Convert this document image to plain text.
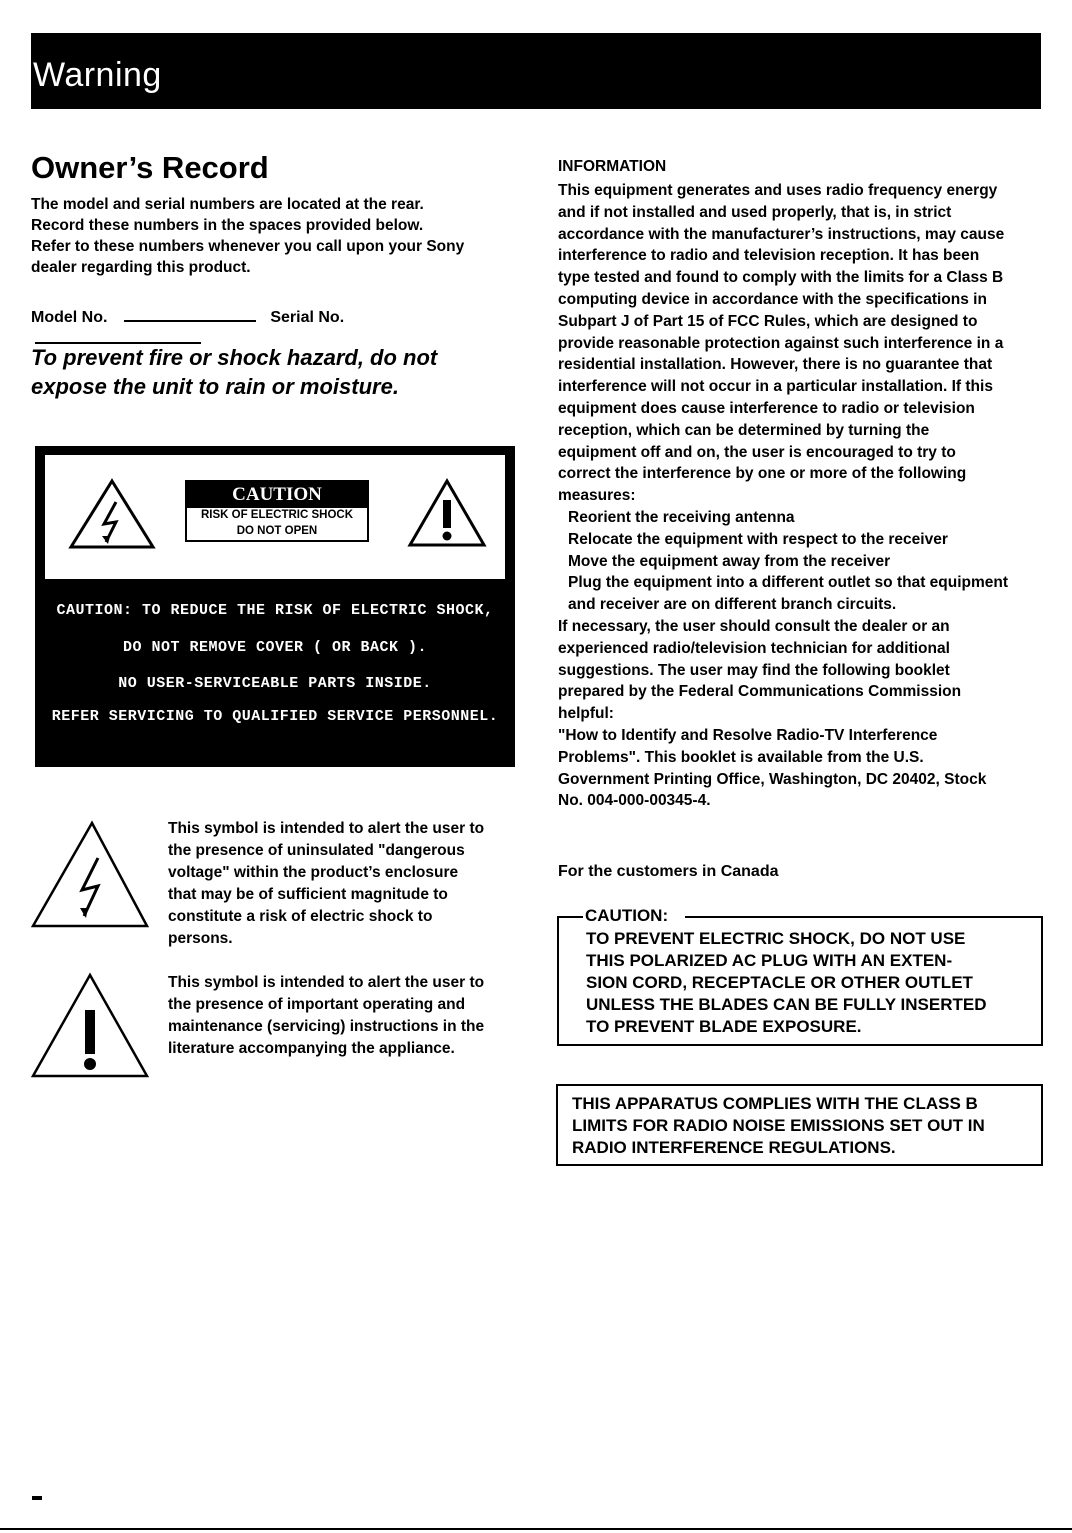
Warning
Owner’s Record

The model and serial numbers are located at the rear.

Record these numbers in the spaces provided below.

Refer to these numbers whenever you call upon your Sony

dealer regarding this product.

Model No.	Serial No.
To prevent fire or shock hazard, do not
expose the unit to rain or moisture.
CAUTION
RISK OF ELECTRIC SHOCK
DO NOT OPEN
CAUTION: TO REDUCE THE RISK OF ELECTRIC SHOCK,
DO NOT REMOVE COVER ( OR BACK ).
NO USER-SERVICEABLE PARTS INSIDE.
REFER SERVICING TO QUALIFIED SERVICE PERSONNEL.
This symbol is intended to alert the user to
the presence of uninsulated "dangerous
voltage" within the product’s enclosure
that may be of sufficient magnitude to
constitute a risk of electric shock to
persons.
This symbol is intended to alert the user to
the presence of important operating and
maintenance (servicing) instructions in the
literature accompanying the appliance.
INFORMATION

This equipment generates and uses radio frequency energy

and if not installed and used properly, that is, in strict

accordance with the manufacturer’s instructions, may cause

interference to radio and television reception. It has been

type tested and found to comply with the limits for a Class B

computing device in accordance with the specifications in

Subpart J of Part 15 of FCC Rules, which are designed to

provide reasonable protection against such interference in a

residential installation. However, there is no guarantee that

interference will not occur in a particular installation. If this

equipment does cause interference to radio or television

reception, which can be determined by turning the

equipment off and on, the user is encouraged to try to

correct the interference by one or more of the following

measures:

Reorient the receiving antenna

Relocate the equipment with respect to the receiver

Move the equipment away from the receiver

Plug the equipment into a different outlet so that equipment

and receiver are on different branch circuits.

If necessary, the user should consult the dealer or an

experienced radio/television technician for additional

suggestions. The user may find the following booklet

prepared by the Federal Communications Commission

helpful:

"How to Identify and Resolve Radio-TV Interference

Problems". This booklet is available from the U.S.

Government Printing Office, Washington, DC 20402, Stock

No. 004-000-00345-4.

For the customers in Canada
CAUTION:
TO PREVENT ELECTRIC SHOCK, DO NOT USE
THIS POLARIZED AC PLUG WITH AN EXTEN-
SION CORD, RECEPTACLE OR OTHER OUTLET
UNLESS THE BLADES CAN BE FULLY INSERTED
TO PREVENT BLADE EXPOSURE.
THIS APPARATUS COMPLIES WITH THE CLASS B
LIMITS FOR RADIO NOISE EMISSIONS SET OUT IN
RADIO INTERFERENCE REGULATIONS.
